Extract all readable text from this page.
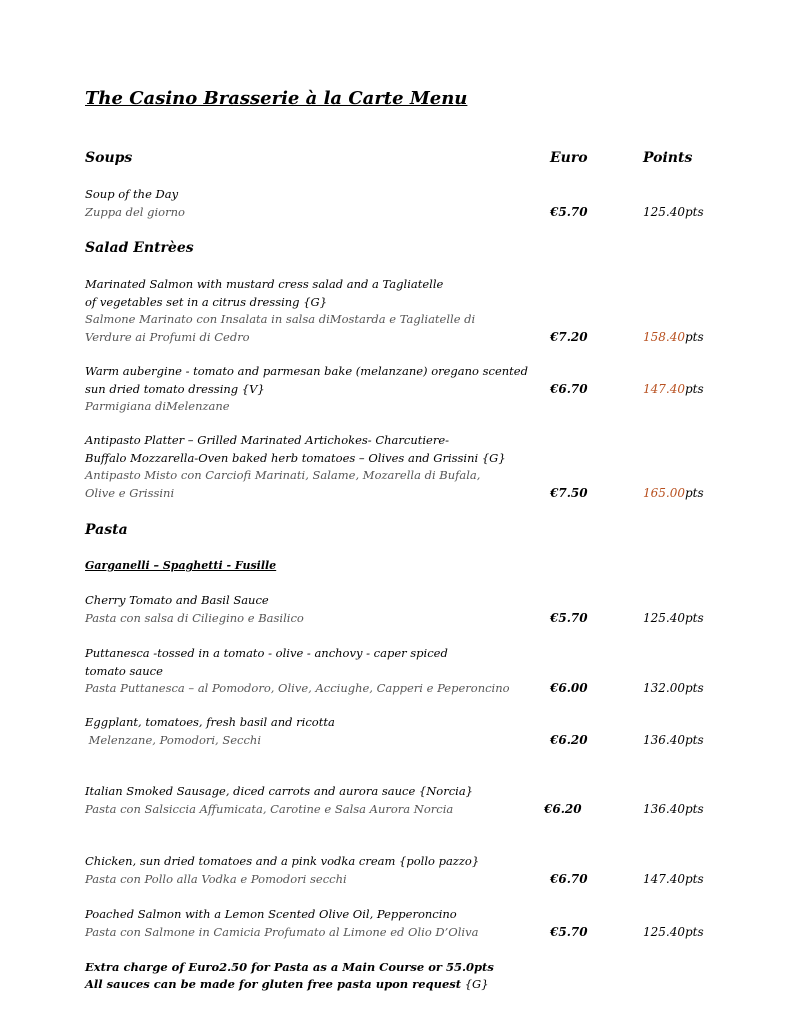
The Casino Brasserie à la Carte Menu
Soups	Euro	Points
Soup of the Day
Zuppa del giorno	€5.70	125.40pts
Salad Entrèes
Marinated Salmon with mustard cress salad and a Tagliatelle
of vegetables set in a citrus dressing {G}
Salmone Marinato con Insalata in salsa diMostarda e Tagliatelle di
Verdure ai Profumi di Cedro	€7.20	158.40pts
Warm aubergine - tomato and parmesan bake (melanzane) oregano scented
sun dried tomato dressing {V}
Parmigiana diMelenzane
€6.70	147.40pts
Antipasto Platter – Grilled Marinated Artichokes- Charcutiere-
Buffalo Mozzarella-Oven baked herb tomatoes – Olives and Grissini {G}
Antipasto Misto con Carciofi Marinati, Salame, Mozarella di Bufala,
Olive e Grissini	€7.50	165.00pts
Pasta
Garganelli – Spaghetti - Fusille
Cherry Tomato and Basil Sauce
Pasta con salsa di Ciliegino e Basilico	€5.70	125.40pts
Puttanesca -tossed in a tomato - olive - anchovy - caper spiced
tomato sauce
Pasta Puttanesca – al Pomodoro, Olive, Acciughe, Capperi e Peperoncino	€6.00	132.00pts
Eggplant, tomatoes, fresh basil and ricotta
Melenzane, Pomodori, Secchi	€6.20	136.40pts
Italian Smoked Sausage, diced carrots and aurora sauce {Norcia}
Pasta con Salsiccia Affumicata, Carotine e Salsa Aurora Norcia	€6.20	136.40pts
Chicken, sun dried tomatoes and a pink vodka cream {pollo pazzo}
Pasta con Pollo alla Vodka e Pomodori secchi	€6.70	147.40pts
Poached Salmon with a Lemon Scented Olive Oil, Pepperoncino
Pasta con Salmone in Camicia Profumato al Limone ed Olio D’Oliva	€5.70	125.40pts
Extra charge of Euro2.50 for Pasta as a Main Course or 55.0pts
All sauces can be made for gluten free pasta upon request {G}
